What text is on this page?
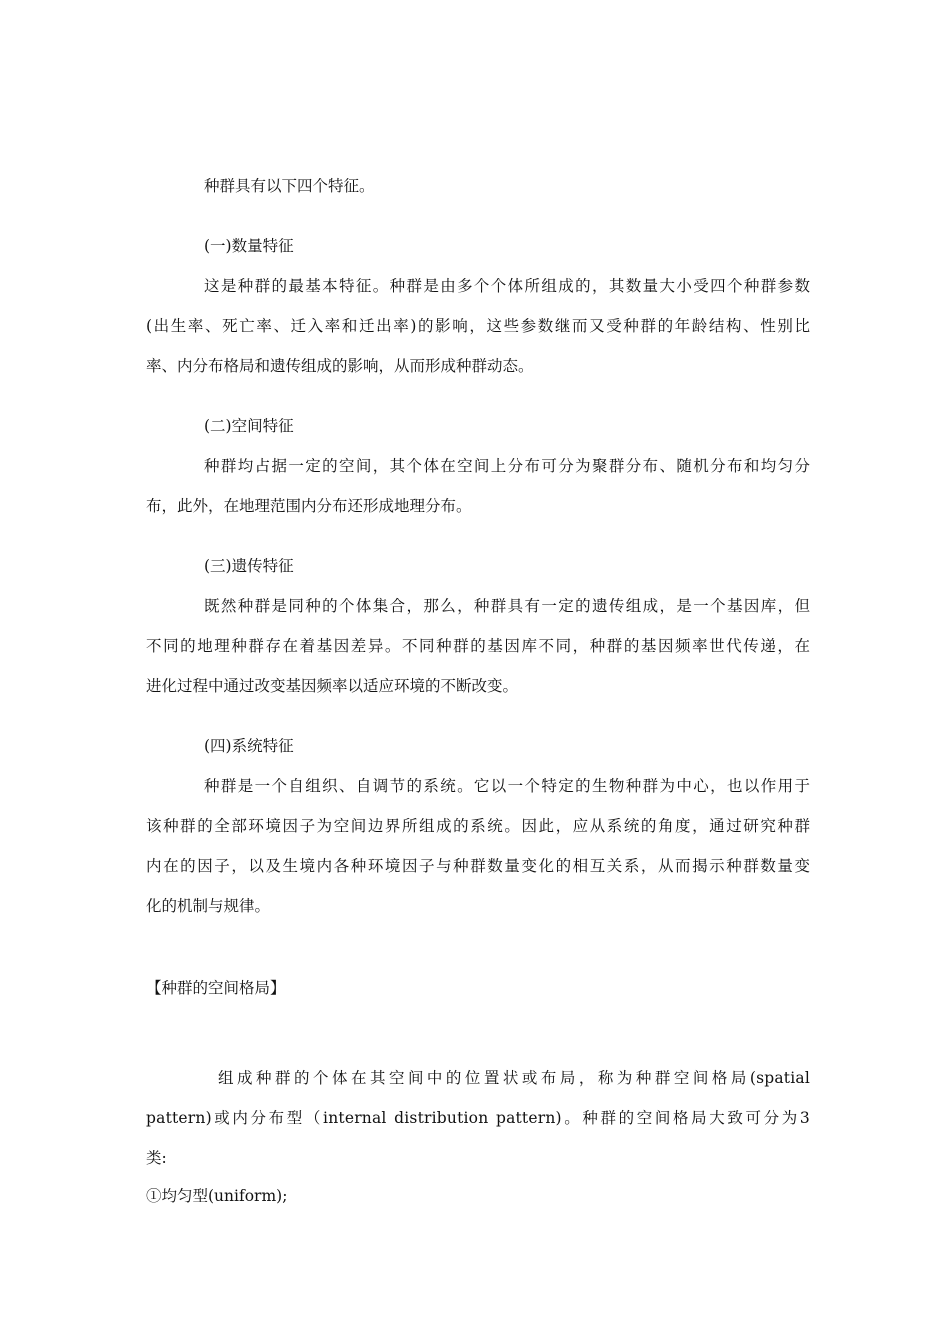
种群具有以下四个特征。
(一)数量特征
这是种群的最基本特征。种群是由多个个体所组成的，其数量大小受四个种群参数
(出生率、死亡率、迁入率和迁出率)的影响，这些参数继而又受种群的年龄结构、性别比
率、内分布格局和遗传组成的影响，从而形成种群动态。
(二)空间特征
种群均占据一定的空间，其个体在空间上分布可分为聚群分布、随机分布和均匀分
布，此外，在地理范围内分布还形成地理分布。
(三)遗传特征
既然种群是同种的个体集合，那么，种群具有一定的遗传组成，是一个基因库，但
不同的地理种群存在着基因差异。不同种群的基因库不同，种群的基因频率世代传递，在
进化过程中通过改变基因频率以适应环境的不断改变。
(四)系统特征
种群是一个自组织、自调节的系统。它以一个特定的生物种群为中心，也以作用于
该种群的全部环境因子为空间边界所组成的系统。因此，应从系统的角度，通过研究种群
内在的因子，以及生境内各种环境因子与种群数量变化的相互关系，从而揭示种群数量变
化的机制与规律。
【种群的空间格局】
组成种群的个体在其空间中的位置状或布局，称为种群空间格局(spatial
pattern)或内分布型（internal distribution pattern)。种群的空间格局大致可分为3
类:
①均匀型(uniform);
